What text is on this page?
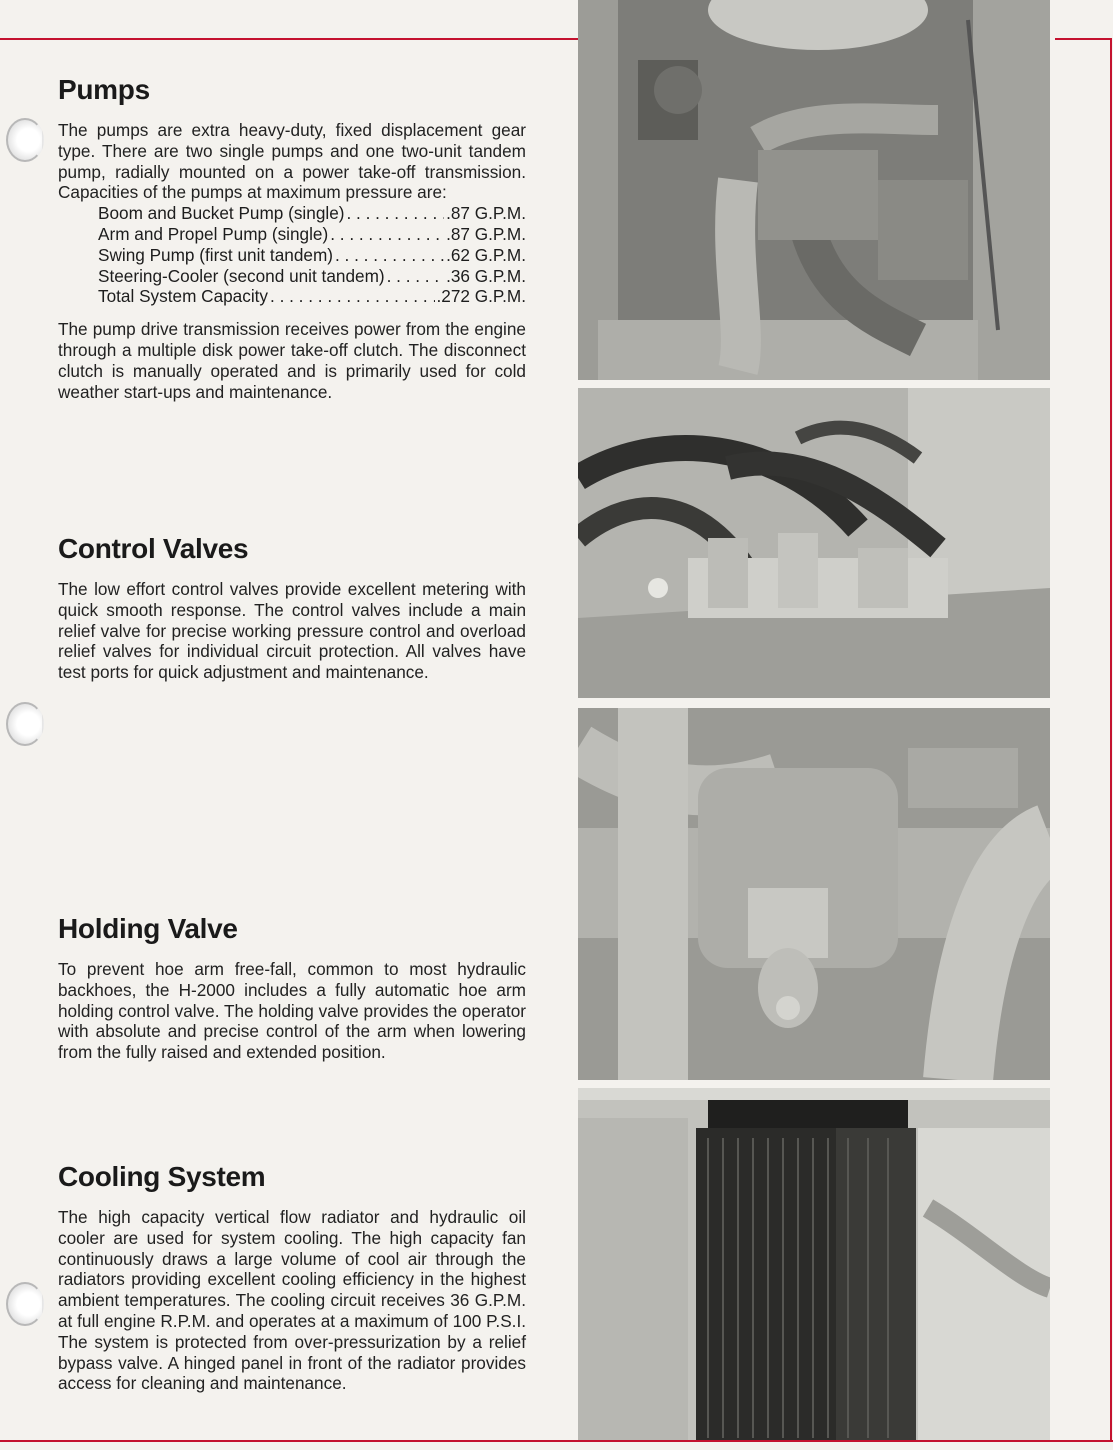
Pumps

The pumps are extra heavy-duty, fixed displacement gear type. There are two single pumps and one two-unit tandem pump, radially mounted on a power take-off transmission. Capacities of the pumps at maximum pressure are:

Boom and Bucket Pump (single) . . .	.87 G.P.M.
Arm and Propel Pump (single) . . .	.87 G.P.M.
Swing Pump (first unit tandem) . . .	.62 G.P.M.
Steering-Cooler (second unit tandem) . . .	.36 G.P.M.
Total System Capacity . . .	.272 G.P.M.

The pump drive transmission receives power from the engine through a multiple disk power take-off clutch. The disconnect clutch is manually operated and is primarily used for cold weather start-ups and maintenance.

Control Valves

The low effort control valves provide excellent metering with quick smooth response. The control valves include a main relief valve for precise working pressure control and overload relief valves for individual circuit protection. All valves have test ports for quick adjustment and maintenance.

Holding Valve

To prevent hoe arm free-fall, common to most hydraulic backhoes, the H-2000 includes a fully automatic hoe arm holding control valve. The holding valve provides the operator with absolute and precise control of the arm when lowering from the fully raised and extended position.

Cooling System

The high capacity vertical flow radiator and hydraulic oil cooler are used for system cooling. The high capacity fan continuously draws a large volume of cool air through the radiators providing excellent cooling efficiency in the highest ambient temperatures. The cooling circuit receives 36 G.P.M. at full engine R.P.M. and operates at a maximum of 100 P.S.I. The system is protected from over-pressurization by a relief bypass valve. A hinged panel in front of the radiator provides access for cleaning and maintenance.
